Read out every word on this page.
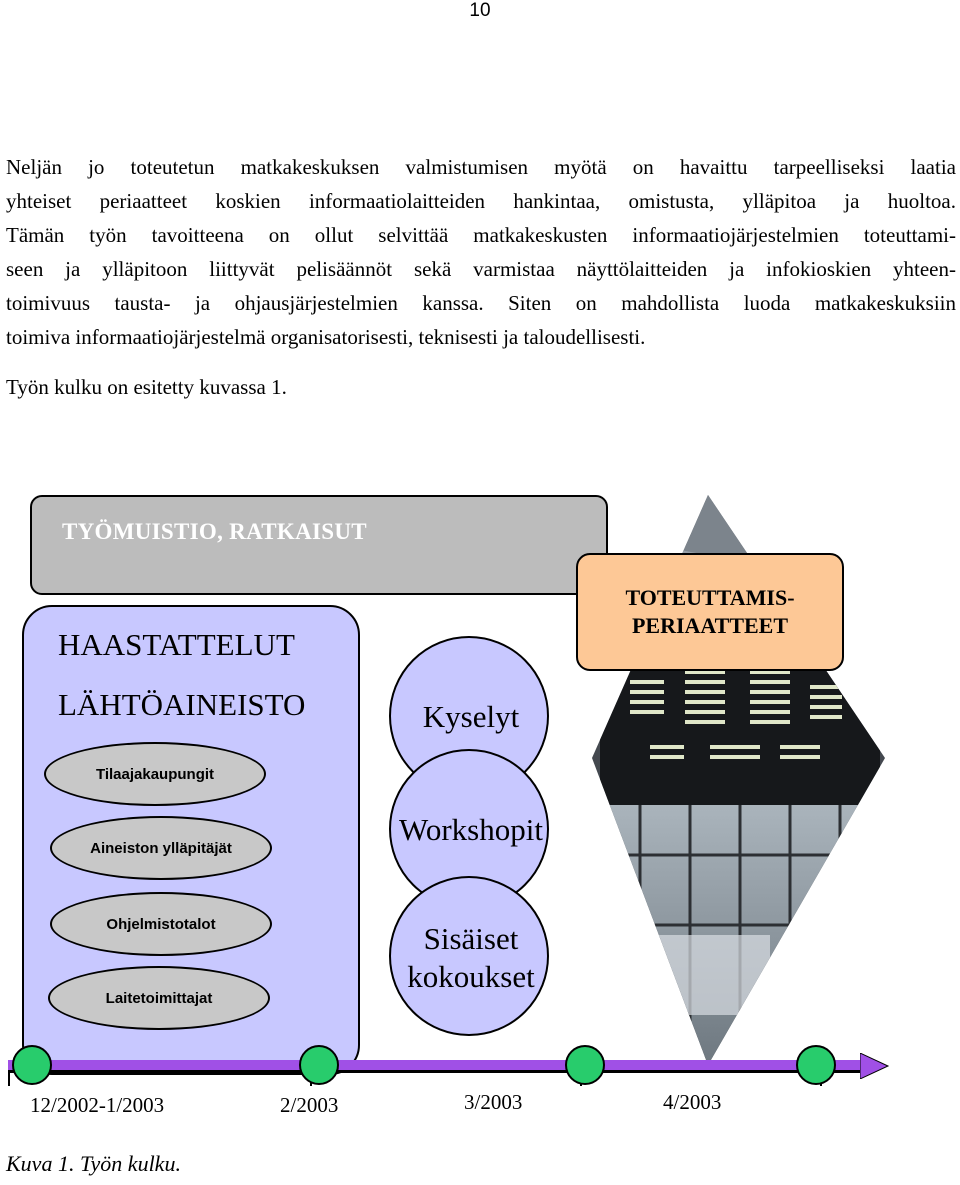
10

Neljän jo toteutetun matkakeskuksen valmistumisen myötä on havaittu tarpeelliseksi laatia

yhteiset periaatteet koskien informaatiolaitteiden hankintaa, omistusta, ylläpitoa ja huoltoa.

Tämän työn tavoitteena on ollut selvittää matkakeskusten informaatiojärjestelmien toteuttami-

seen ja ylläpitoon liittyvät pelisäännöt sekä varmistaa näyttölaitteiden ja infokioskien yhteen-

toimivuus tausta- ja ohjausjärjestelmien kanssa. Siten on mahdollista luoda matkakeskuksiin

toimiva informaatiojärjestelmä organisatorisesti, teknisesti ja taloudellisesti.

Työn kulku on esitetty kuvassa 1.

TYÖMUISTIO, RATKAISUT
HAASTATTELUT
LÄHTÖAINEISTO
Tilaajakaupungit
Aineiston ylläpitäjät
Ohjelmistotalot
Laitetoimittajat
Kyselyt
Workshopit
Sisäiset
kokoukset
TOTEUTTAMIS-
PERIAATTEET
12/2002-1/2003	2/2003	3/2003	4/2003
Kuva 1. Työn kulku.
